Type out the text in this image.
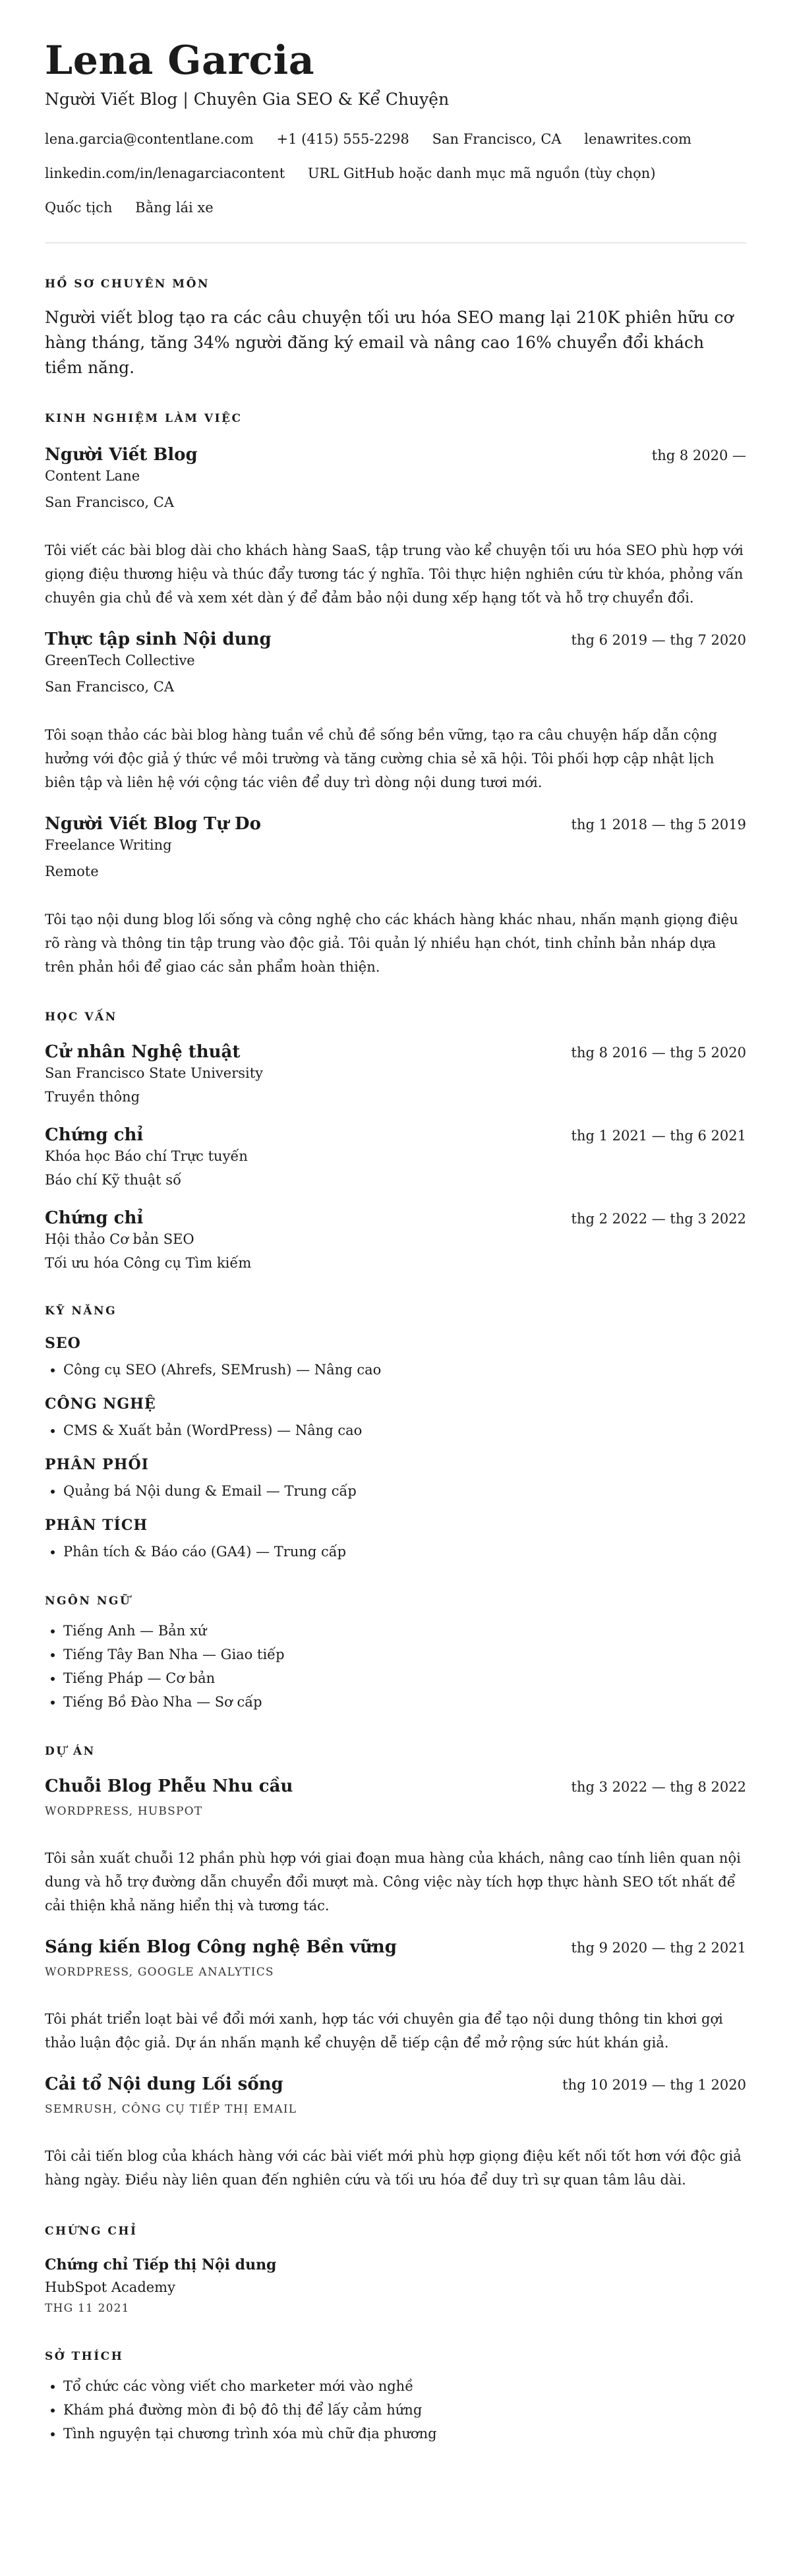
Lena Garcia
Người Viết Blog | Chuyên Gia SEO & Kể Chuyện
lena.garcia@contentlane.com +1 (415) 555-2298 San Francisco, CA lenawrites.com
linkedin.com/in/lenagarciacontent URL GitHub hoặc danh mục mã nguồn (tùy chọn)
Quốc tịch Bằng lái xe
HỒ SƠ CHUYÊN MÔN
Người viết blog tạo ra các câu chuyện tối ưu hóa SEO mang lại 210K phiên hữu cơ hàng tháng, tăng 34% người đăng ký email và nâng cao 16% chuyển đổi khách tiềm năng.
KINH NGHIỆM LÀM VIỆC
Người Viết Blog	thg 8 2020 —
Content Lane
San Francisco, CA
Tôi viết các bài blog dài cho khách hàng SaaS, tập trung vào kể chuyện tối ưu hóa SEO phù hợp với giọng điệu thương hiệu và thúc đẩy tương tác ý nghĩa. Tôi thực hiện nghiên cứu từ khóa, phỏng vấn chuyên gia chủ đề và xem xét dàn ý để đảm bảo nội dung xếp hạng tốt và hỗ trợ chuyển đổi.
Thực tập sinh Nội dung	thg 6 2019 — thg 7 2020
GreenTech Collective
San Francisco, CA
Tôi soạn thảo các bài blog hàng tuần về chủ đề sống bền vững, tạo ra câu chuyện hấp dẫn cộng hưởng với độc giả ý thức về môi trường và tăng cường chia sẻ xã hội. Tôi phối hợp cập nhật lịch biên tập và liên hệ với cộng tác viên để duy trì dòng nội dung tươi mới.
Người Viết Blog Tự Do	thg 1 2018 — thg 5 2019
Freelance Writing
Remote
Tôi tạo nội dung blog lối sống và công nghệ cho các khách hàng khác nhau, nhấn mạnh giọng điệu rõ ràng và thông tin tập trung vào độc giả. Tôi quản lý nhiều hạn chót, tinh chỉnh bản nháp dựa trên phản hồi để giao các sản phẩm hoàn thiện.
HỌC VẤN
Cử nhân Nghệ thuật	thg 8 2016 — thg 5 2020
San Francisco State University
Truyền thông
Chứng chỉ	thg 1 2021 — thg 6 2021
Khóa học Báo chí Trực tuyến
Báo chí Kỹ thuật số
Chứng chỉ	thg 2 2022 — thg 3 2022
Hội thảo Cơ bản SEO
Tối ưu hóa Công cụ Tìm kiếm
KỸ NĂNG
SEO
• Công cụ SEO (Ahrefs, SEMrush) — Nâng cao
CÔNG NGHỆ
• CMS & Xuất bản (WordPress) — Nâng cao
PHÂN PHỐI
• Quảng bá Nội dung & Email — Trung cấp
PHÂN TÍCH
• Phân tích & Báo cáo (GA4) — Trung cấp
NGÔN NGỮ
• Tiếng Anh — Bản xứ
• Tiếng Tây Ban Nha — Giao tiếp
• Tiếng Pháp — Cơ bản
• Tiếng Bồ Đào Nha — Sơ cấp
DỰ ÁN
Chuỗi Blog Phễu Nhu cầu	thg 3 2022 — thg 8 2022
WORDPRESS, HUBSPOT
Tôi sản xuất chuỗi 12 phần phù hợp với giai đoạn mua hàng của khách, nâng cao tính liên quan nội dung và hỗ trợ đường dẫn chuyển đổi mượt mà. Công việc này tích hợp thực hành SEO tốt nhất để cải thiện khả năng hiển thị và tương tác.
Sáng kiến Blog Công nghệ Bền vững	thg 9 2020 — thg 2 2021
WORDPRESS, GOOGLE ANALYTICS
Tôi phát triển loạt bài về đổi mới xanh, hợp tác với chuyên gia để tạo nội dung thông tin khơi gợi thảo luận độc giả. Dự án nhấn mạnh kể chuyện dễ tiếp cận để mở rộng sức hút khán giả.
Cải tổ Nội dung Lối sống	thg 10 2019 — thg 1 2020
SEMRUSH, CÔNG CỤ TIẾP THỊ EMAIL
Tôi cải tiến blog của khách hàng với các bài viết mới phù hợp giọng điệu kết nối tốt hơn với độc giả hàng ngày. Điều này liên quan đến nghiên cứu và tối ưu hóa để duy trì sự quan tâm lâu dài.
CHỨNG CHỈ
Chứng chỉ Tiếp thị Nội dung
HubSpot Academy
THG 11 2021
SỞ THÍCH
• Tổ chức các vòng viết cho marketer mới vào nghề
• Khám phá đường mòn đi bộ đô thị để lấy cảm hứng
• Tình nguyện tại chương trình xóa mù chữ địa phương
